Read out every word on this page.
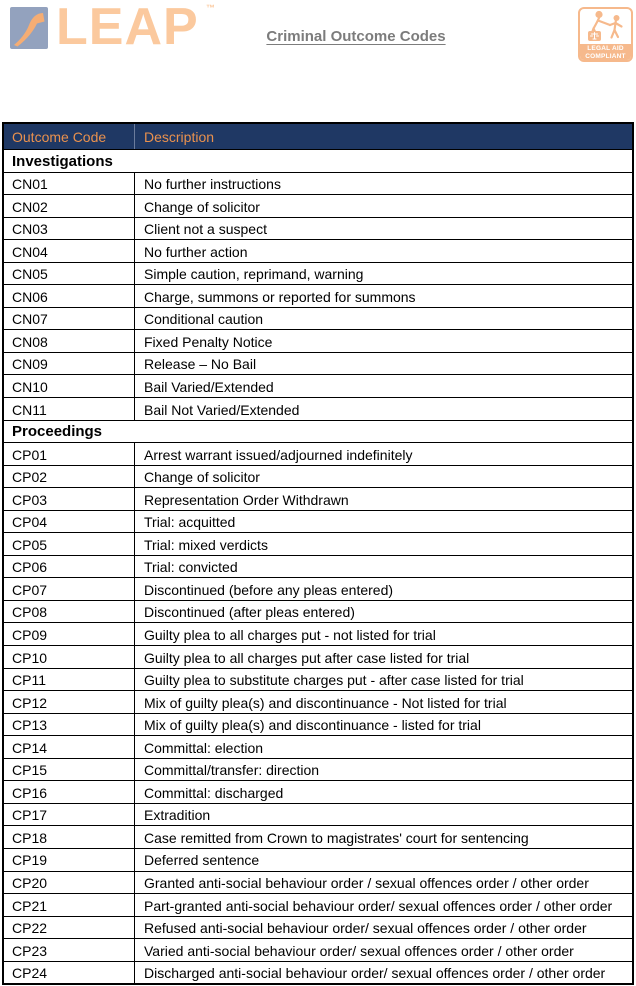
LEAP ™
Criminal Outcome Codes
LEGAL AID
COMPLIANT
Outcome Code	Description
Investigations
CN01	No further instructions
CN02	Change of solicitor
CN03	Client not a suspect
CN04	No further action
CN05	Simple caution, reprimand, warning
CN06	Charge, summons or reported for summons
CN07	Conditional caution
CN08	Fixed Penalty Notice
CN09	Release – No Bail
CN10	Bail Varied/Extended
CN11	Bail Not Varied/Extended
Proceedings
CP01	Arrest warrant issued/adjourned indefinitely
CP02	Change of solicitor
CP03	Representation Order Withdrawn
CP04	Trial: acquitted
CP05	Trial: mixed verdicts
CP06	Trial: convicted
CP07	Discontinued (before any pleas entered)
CP08	Discontinued (after pleas entered)
CP09	Guilty plea to all charges put - not listed for trial
CP10	Guilty plea to all charges put after case listed for trial
CP11	Guilty plea to substitute charges put - after case listed for trial
CP12	Mix of guilty plea(s) and discontinuance - Not listed for trial
CP13	Mix of guilty plea(s) and discontinuance - listed for trial
CP14	Committal: election
CP15	Committal/transfer: direction
CP16	Committal: discharged
CP17	Extradition
CP18	Case remitted from Crown to magistrates' court for sentencing
CP19	Deferred sentence
CP20	Granted anti-social behaviour order / sexual offences order / other order
CP21	Part-granted anti-social behaviour order/ sexual offences order / other order
CP22	Refused anti-social behaviour order/ sexual offences order / other order
CP23	Varied anti-social behaviour order/ sexual offences order / other order
CP24	Discharged anti-social behaviour order/ sexual offences order / other order
